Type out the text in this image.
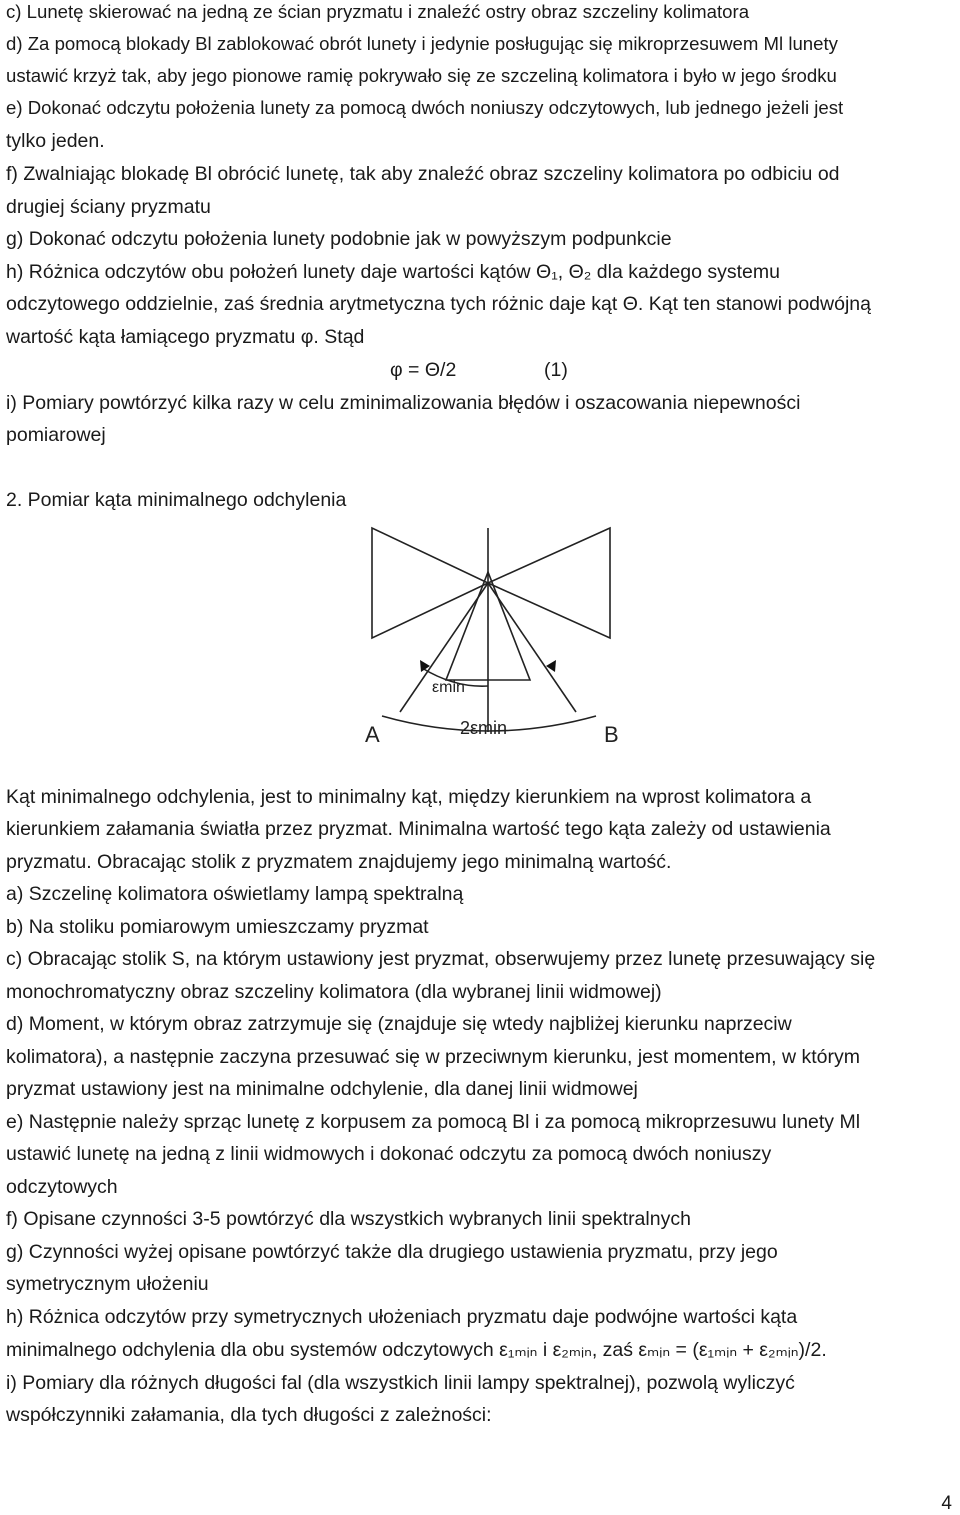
c) Lunetę skierować na jedną ze ścian pryzmatu i znaleźć ostry obraz szczeliny kolimatora
d) Za pomocą blokady Bl zablokować obrót lunety i jedynie posługując się mikroprzesuwem Ml lunety
ustawić krzyż tak, aby jego pionowe ramię pokrywało się ze szczeliną kolimatora i było w jego środku
e) Dokonać odczytu położenia lunety za pomocą dwóch noniuszy odczytowych, lub jednego jeżeli jest
tylko jeden.
f) Zwalniając blokadę Bl obrócić lunetę, tak aby znaleźć obraz szczeliny kolimatora po odbiciu od
drugiej ściany pryzmatu
g) Dokonać odczytu położenia lunety podobnie jak w powyższym podpunkcie
h) Różnica odczytów obu położeń lunety daje wartości kątów Θ₁, Θ₂ dla każdego systemu
odczytowego oddzielnie, zaś średnia arytmetyczna tych różnic daje kąt Θ. Kąt ten stanowi podwójną
wartość kąta łamiącego pryzmatu φ. Stąd
φ = Θ/2	(1)
i) Pomiary powtórzyć kilka razy w celu zminimalizowania błędów i oszacowania niepewności
pomiarowej
2. Pomiar kąta minimalnego odchylenia
A	B
εmin
2εmin
Kąt minimalnego odchylenia, jest to minimalny kąt, między kierunkiem na wprost kolimatora a
kierunkiem załamania światła przez pryzmat. Minimalna wartość tego kąta zależy od ustawienia
pryzmatu. Obracając stolik z pryzmatem znajdujemy jego minimalną wartość.
a) Szczelinę kolimatora oświetlamy lampą spektralną
b) Na stoliku pomiarowym umieszczamy pryzmat
c) Obracając stolik S, na którym ustawiony jest pryzmat, obserwujemy przez lunetę przesuwający się
monochromatyczny obraz szczeliny kolimatora (dla wybranej linii widmowej)
d) Moment, w którym obraz zatrzymuje się (znajduje się wtedy najbliżej kierunku naprzeciw
kolimatora), a następnie zaczyna przesuwać się w przeciwnym kierunku, jest momentem, w którym
pryzmat ustawiony jest na minimalne odchylenie, dla danej linii widmowej
e) Następnie należy sprząc lunetę z korpusem za pomocą Bl i za pomocą mikroprzesuwu lunety Ml
ustawić lunetę na jedną z linii widmowych i dokonać odczytu za pomocą dwóch noniuszy
odczytowych
f) Opisane czynności 3-5 powtórzyć dla wszystkich wybranych linii spektralnych
g) Czynności wyżej opisane powtórzyć także dla drugiego ustawienia pryzmatu, przy jego
symetrycznym ułożeniu
h) Różnica odczytów przy symetrycznych ułożeniach pryzmatu daje podwójne wartości kąta
minimalnego odchylenia dla obu systemów odczytowych ε₁ₘᵢₙ i ε₂ₘᵢₙ, zaś εₘᵢₙ = (ε₁ₘᵢₙ + ε₂ₘᵢₙ)/2.
i) Pomiary dla różnych długości fal (dla wszystkich linii lampy spektralnej), pozwolą wyliczyć
współczynniki załamania, dla tych długości z zależności:
4
